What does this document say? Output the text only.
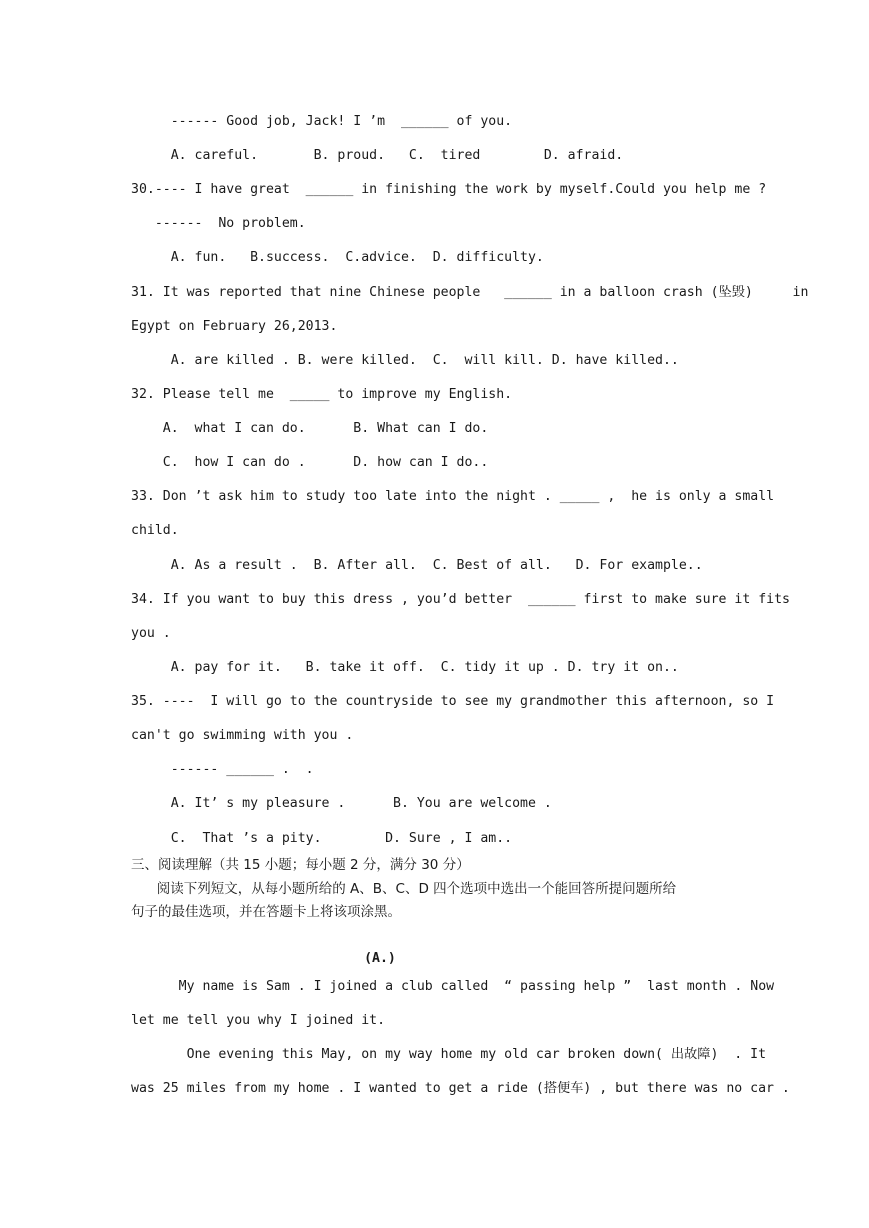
------ Good job, Jack! I ’m  ______ of you.
A. careful.       B. proud.   C.  tired        D. afraid.
30.---- I have great  ______ in finishing the work by myself.Could you help me ?
------  No problem.
A. fun.   B.success.  C.advice.  D. difficulty.
31. It was reported that nine Chinese people   ______ in a balloon crash (坠毁)     in
Egypt on February 26,2013.
A. are killed . B. were killed.  C.  will kill. D. have killed..
32. Please tell me  _____ to improve my English.
A.  what I can do.      B. What can I do.
C.  how I can do .      D. how can I do..
33. Don ’t ask him to study too late into the night . _____ ,  he is only a small
child.
A. As a result .  B. After all.  C. Best of all.   D. For example..
34. If you want to buy this dress , you’d better  ______ first to make sure it fits
you .
A. pay for it.   B. take it off.  C. tidy it up . D. try it on..
35. ----  I will go to the countryside to see my grandmother this afternoon, so I
can't go swimming with you .
------ ______ .  .
A. It’ s my pleasure .      B. You are welcome .
C.  That ’s a pity.        D. Sure , I am..
三、阅读理解（共 15 小题；每小题 2 分，满分 30 分）
阅读下列短文，从每小题所给的 A、B、C、D 四个选项中选出一个能回答所提问题所给
句子的最佳选项，并在答题卡上将该项涂黑。
(A.)
My name is Sam . I joined a club called  “ passing help ”  last month . Now
let me tell you why I joined it.
One evening this May, on my way home my old car broken down( 出故障)  . It
was 25 miles from my home . I wanted to get a ride (搭便车) , but there was no car .
